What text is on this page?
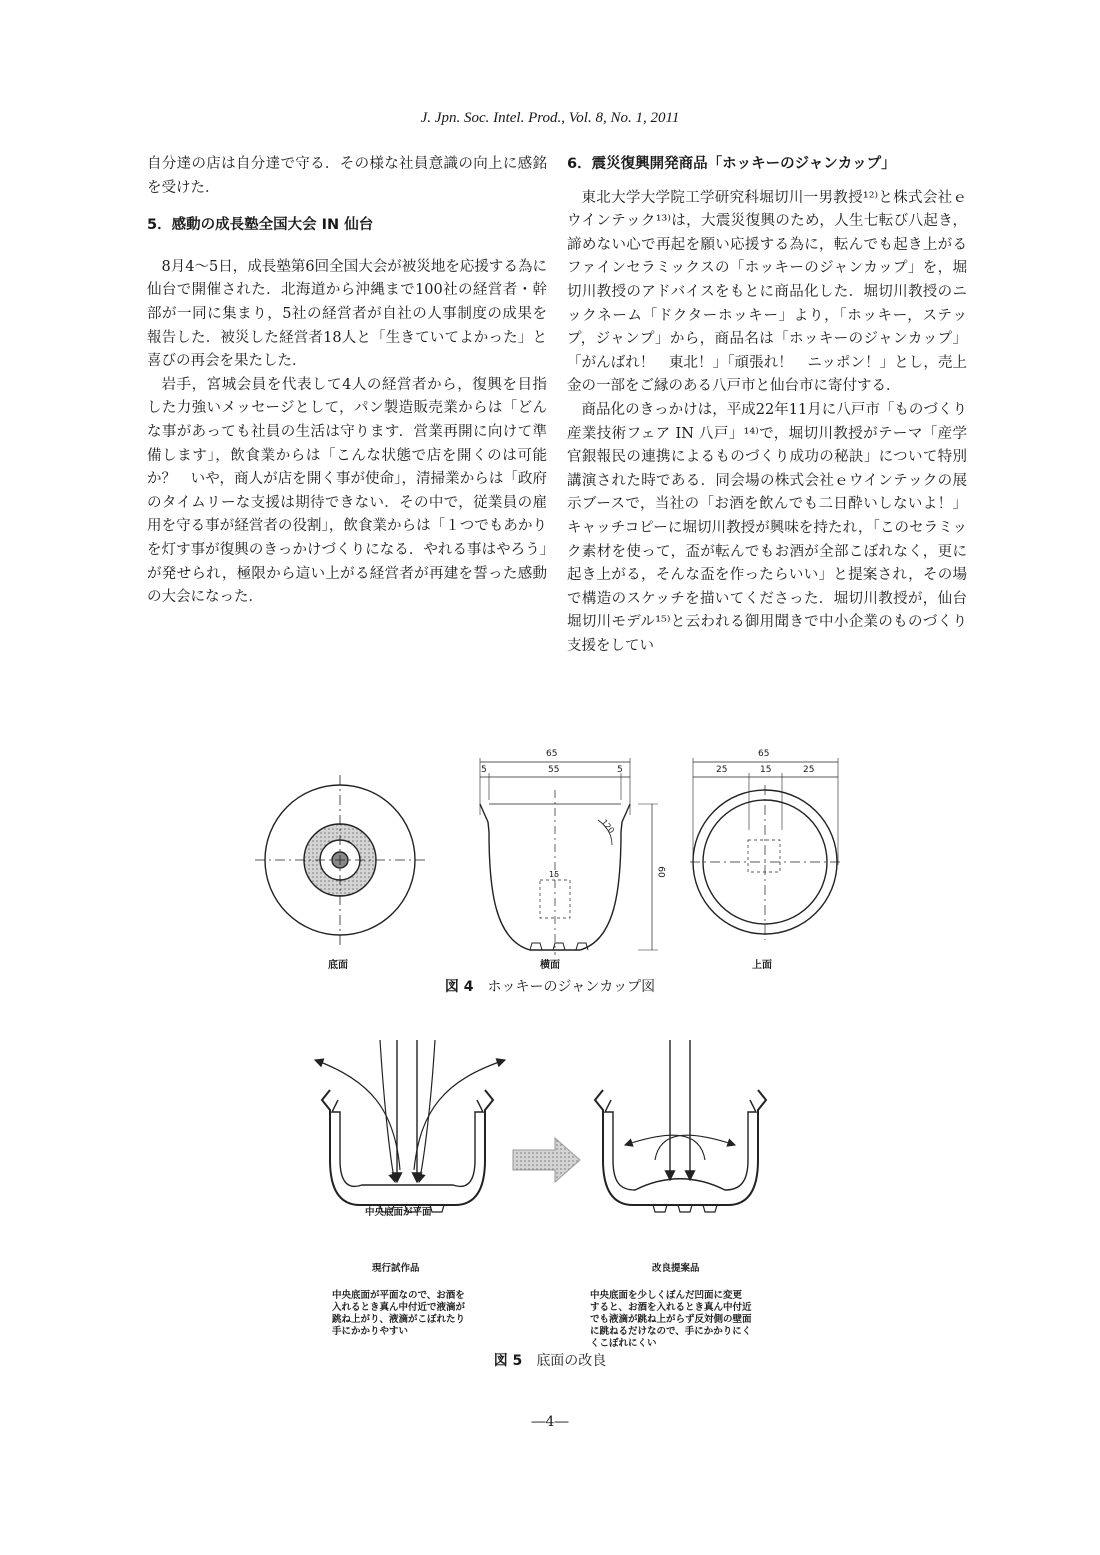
J. Jpn. Soc. Intel. Prod., Vol. 8, No. 1, 2011

自分達の店は自分達で守る．その様な社員意識の向上に感銘を受けた．

5．感動の成長塾全国大会 IN 仙台

8月4～5日，成長塾第6回全国大会が被災地を応援する為に仙台で開催された．北海道から沖縄まで100社の経営者・幹部が一同に集まり，5社の経営者が自社の人事制度の成果を報告した．被災した経営者18人と「生きていてよかった」と喜びの再会を果たした．

岩手，宮城会員を代表して4人の経営者から，復興を目指した力強いメッセージとして，パン製造販売業からは「どんな事があっても社員の生活は守ります．営業再開に向けて準備します」，飲食業からは「こんな状態で店を開くのは可能か？　いや，商人が店を開く事が使命」，清掃業からは「政府のタイムリーな支援は期待できない．その中で，従業員の雇用を守る事が経営者の役割」，飲食業からは「１つでもあかりを灯す事が復興のきっかけづくりになる．やれる事はやろう」が発せられ，極限から這い上がる経営者が再建を誓った感動の大会になった．

6．震災復興開発商品「ホッキーのジャンカップ」

東北大学大学院工学研究科堀切川一男教授¹²⁾と株式会社ｅウインテック¹³⁾は，大震災復興のため，人生七転び八起き，諦めない心で再起を願い応援する為に，転んでも起き上がるファインセラミックスの「ホッキーのジャンカップ」を，堀切川教授のアドバイスをもとに商品化した．堀切川教授のニックネーム「ドクターホッキー」より，「ホッキー，ステップ，ジャンプ」から，商品名は「ホッキーのジャンカップ」「がんばれ！　東北！」「頑張れ！　ニッポン！」とし，売上金の一部をご縁のある八戸市と仙台市に寄付する．

商品化のきっかけは，平成22年11月に八戸市「ものづくり産業技術フェア IN 八戸」¹⁴⁾で，堀切川教授がテーマ「産学官銀報民の連携によるものづくり成功の秘訣」について特別講演された時である．同会場の株式会社ｅウインテックの展示ブースで，当社の「お酒を飲んでも二日酔いしないよ！」キャッチコピーに堀切川教授が興味を持たれ，「このセラミック素材を使って，盃が転んでもお酒が全部こぼれなく，更に起き上がる，そんな盃を作ったらいい」と提案され，その場で構造のスケッチを描いてくださった．堀切川教授が，仙台堀切川モデル¹⁵⁾と云われる御用聞きで中小企業のものづくり支援をしてい

65
5	55	5
60
120
15
65
25	15	25
底面	横面	上面
図 4 ホッキーのジャンカップ図
中央底面が平面
現行試作品
中央底面が平面なので、お酒を
入れるとき真ん中付近で液滴が
跳ね上がり、液滴がこぼれたり
手にかかりやすい
改良提案品
中央底面を少しくぼんだ凹面に変更
すると、お酒を入れるとき真ん中付近
でも液滴が跳ね上がらず反対側の壁面
に跳ねるだけなので、手にかかりにく
くこぼれにくい
図 5 底面の改良
―4―
